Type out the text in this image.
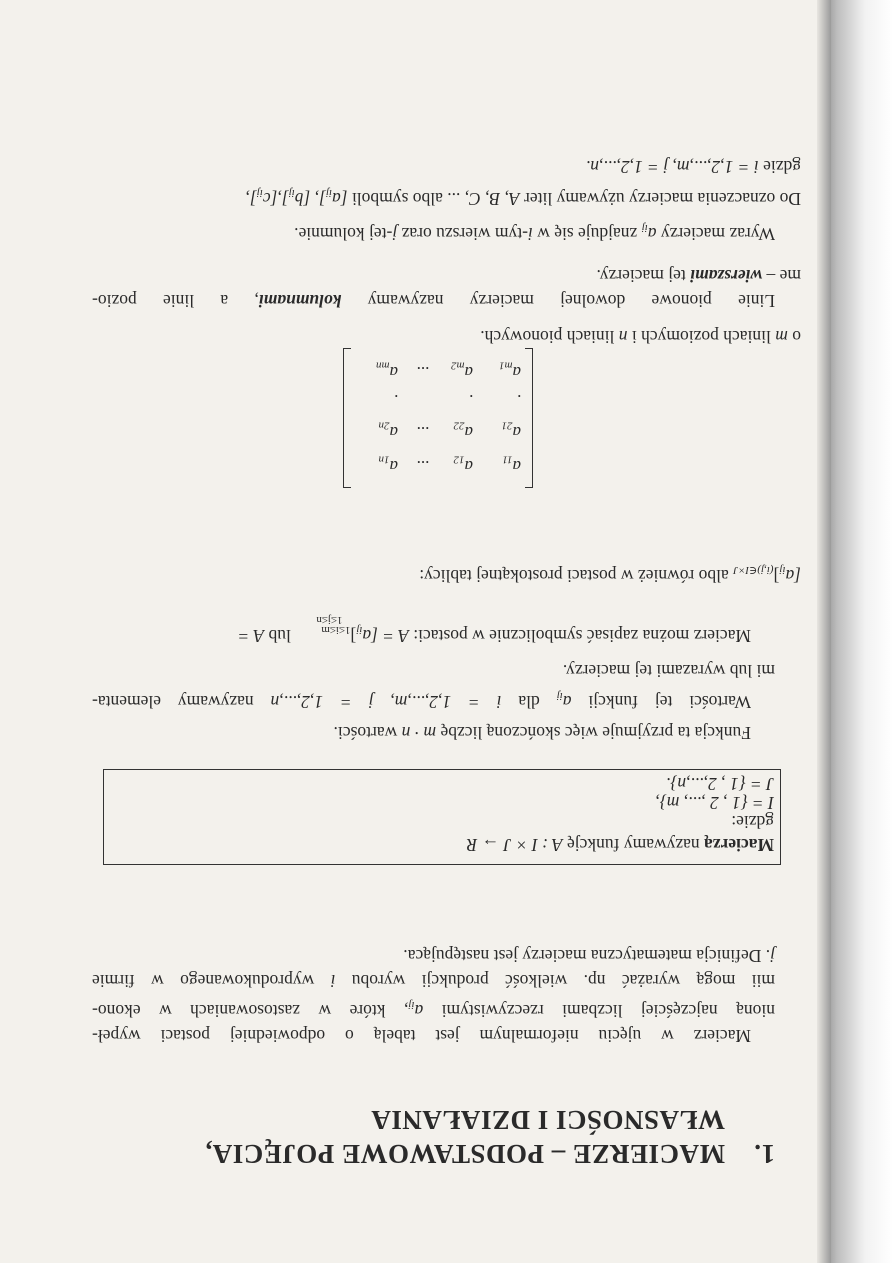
1.
MACIERZE – PODSTAWOWE POJĘCIA,
WŁASNOŚCI I DZIAŁANIA
Macierz w ujęciu nieformalnym jest tabelą o odpowiedniej postaci wypeł-
nioną najczęściej liczbami rzeczywistymi $a_{ij}$, które w zastosowaniach w ekono-
mii mogą wyrażać np. wielkość produkcji wyrobu i wyprodukowanego w firmie
j. Definicja matematyczna macierzy jest następująca.
Macierzą nazywamy funkcję A : I × J → R
gdzie:
I = {1 , 2 ,..., m},
J = {1 , 2,...,n}.
Funkcja ta przyjmuje więc skończoną liczbę m · n wartości.
Wartości tej funkcji $a_{ij}$ dla i = 1,2,...,m, j = 1,2,...,n nazywamy elementa-
mi lub wyrazami tej macierzy.
Macierz można zapisać symbolicznie w postaci: $A = [a_{ij}]_{1\le i\le m}$
1≤j≤n
lub A =
$[a_{ij}]_{(i,j)\in I\times J}$ albo również w postaci prostokątnej tablicy:
$a_{11}$
$a_{12}$
...
$a_{1n}$
$a_{21}$
$a_{22}$
...
$a_{2n}$
.
.
.
$a_{m1}$
$a_{m2}$
...
$a_{mn}$
o m liniach poziomych i n liniach pionowych.
Linie pionowe dowolnej macierzy nazywamy kolumnami, a linie pozio-
me – wierszami tej macierzy.
Wyraz macierzy $a_{ij}$ znajduje się w i-tym wierszu oraz j-tej kolumnie.
Do oznaczenia macierzy używamy liter A, B, C, ... albo symboli $[a_{ij}]$, $[b_{ij}],[c_{ij}]$,
gdzie i = 1,2,...,m, j = 1,2,...,n.
